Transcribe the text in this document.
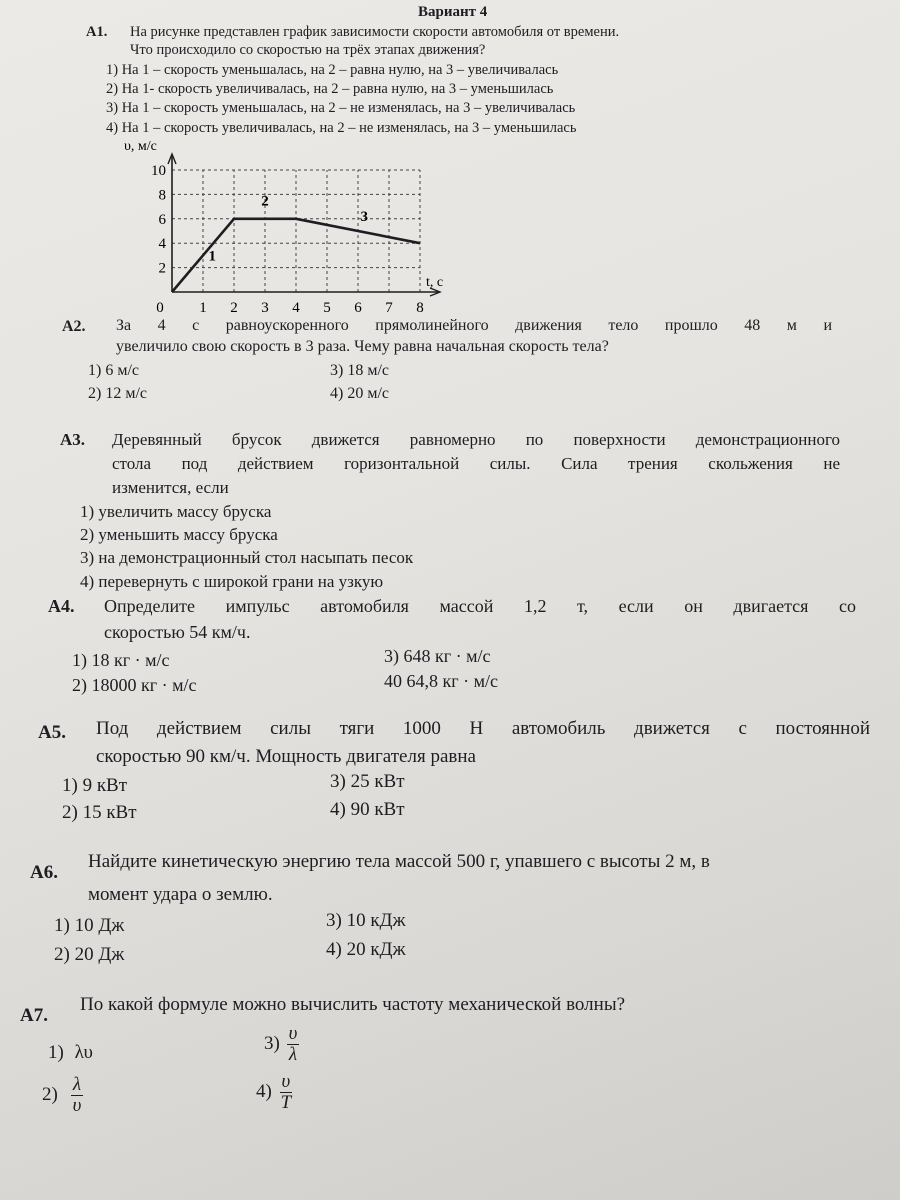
Вариант 4
А1. На рисунке представлен график зависимости скорости автомобиля от времени.
Что происходило со скоростью на трёх этапах движения?
1) На 1 – скорость уменьшалась, на 2 – равна нулю, на 3 – увеличивалась
2) На 1- скорость увеличивалась, на 2 – равна нулю, на 3 – уменьшилась
3) На 1 – скорость уменьшалась, на 2 – не изменялась, на 3 – увеличивалась
4) На 1 – скорость увеличивалась, на 2 – не изменялась, на 3 – уменьшилась
0 1 2 3 4 5 6 7 8
2
4
6
8
10
1
2
3
υ, м/с
t, c
А2. За 4 с равноускоренного прямолинейного движения тело прошло 48 м и
увеличило свою скорость в 3 раза. Чему равна начальная скорость тела?
1) 6 м/с
2) 12 м/с
3) 18 м/с
4) 20 м/с
А3. Деревянный брусок движется равномерно по поверхности демонстрационного
стола под действием горизонтальной силы. Сила трения скольжения не
изменится, если
1) увеличить массу бруска
2) уменьшить массу бруска
3) на демонстрационный стол насыпать песок
4) перевернуть с широкой грани на узкую
А4. Определите импульс автомобиля массой 1,2 т, если он двигается со
скоростью 54 км/ч.
1) 18 кг · м/с
2) 18000 кг · м/с
3) 648 кг · м/с
40 64,8 кг · м/с
А5. Под действием силы тяги 1000 Н автомобиль движется с постоянной
скоростью 90 км/ч. Мощность двигателя равна
1) 9 кВт
2) 15 кВт
3) 25 кВт
4) 90 кВт
А6.
Найдите кинетическую энергию тела массой 500 г, упавшего с высоты 2 м, в
момент удара о землю.
1) 10 Дж
2) 20 Дж
3) 10 кДж
4) 20 кДж
А7.
По какой формуле можно вычислить частоту механической волны?
1) λυ
$2) \frac{\lambda}{\upsilon}$
$3) \frac{\upsilon}{\lambda}$
$4) \frac{\upsilon}{T}$
